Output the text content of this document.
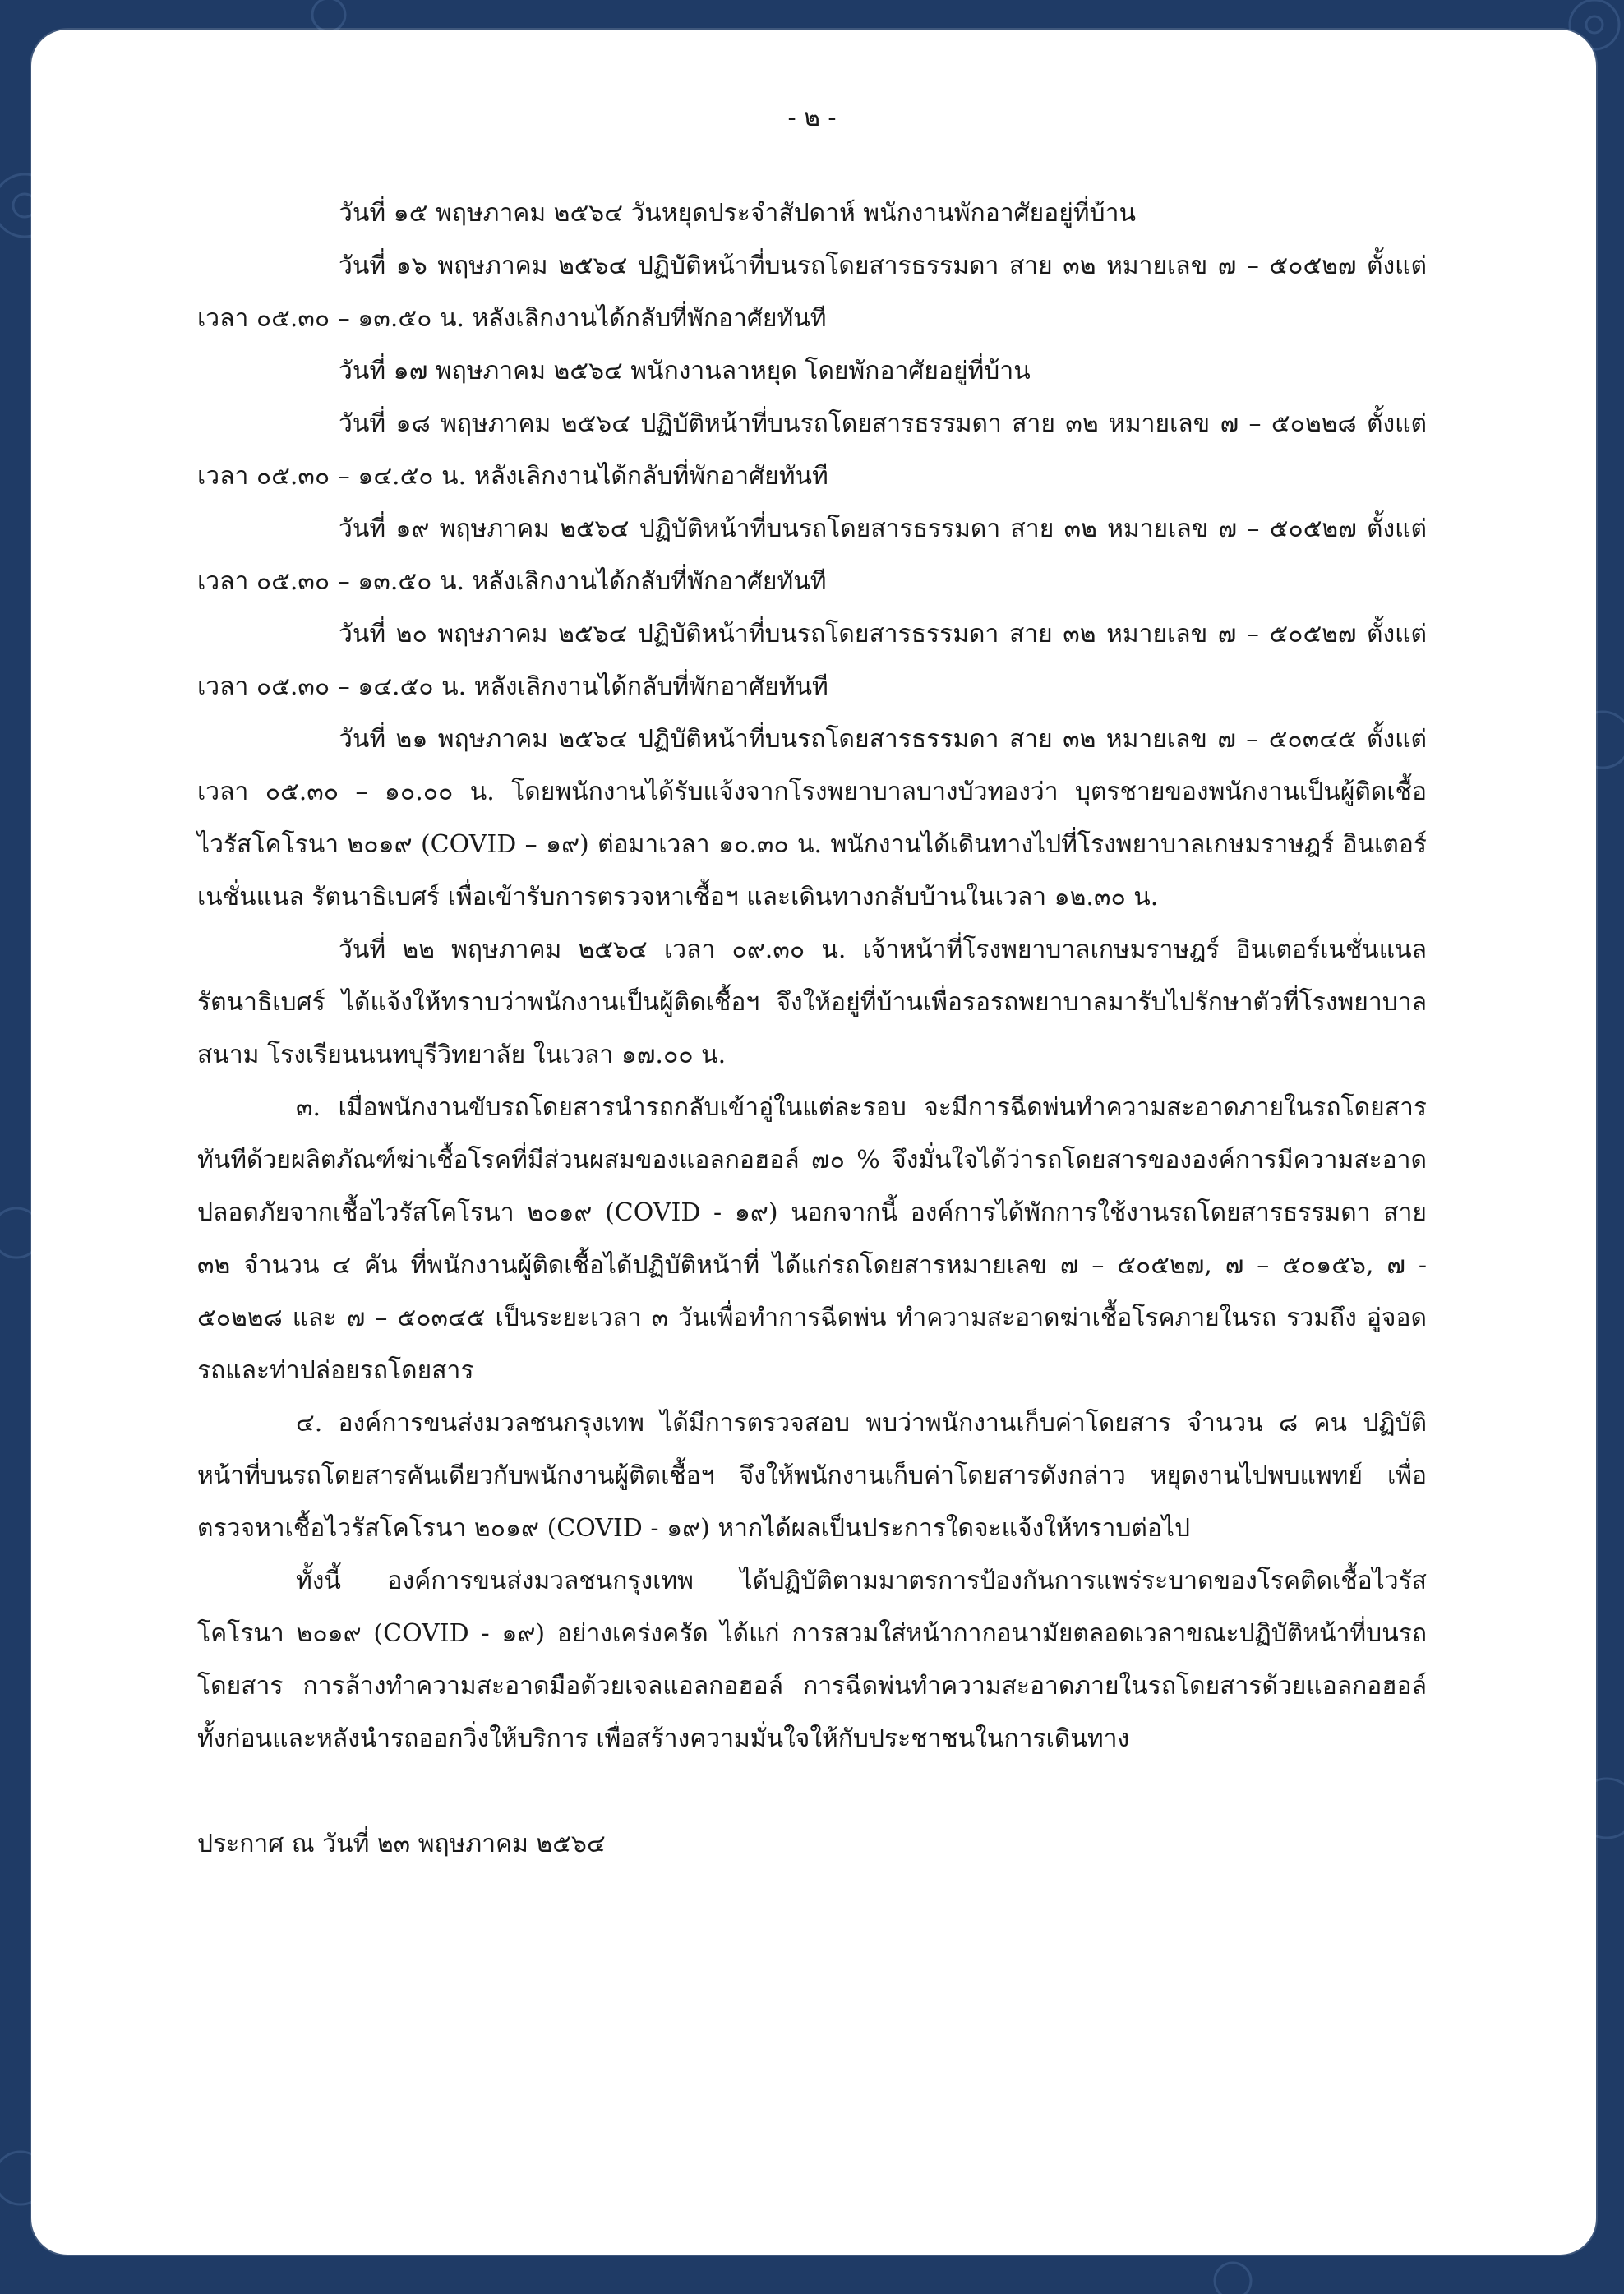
- ๒ -

วันที่ ๑๕ พฤษภาคม ๒๕๖๔ วันหยุดประจำสัปดาห์ พนักงานพักอาศัยอยู่ที่บ้าน

วันที่ ๑๖ พฤษภาคม ๒๕๖๔ ปฏิบัติหน้าที่บนรถโดยสารธรรมดา สาย ๓๒ หมายเลข ๗ – ๕๐๕๒๗ ตั้งแต่เวลา ๐๕.๓๐ – ๑๓.๕๐ น. หลังเลิกงานได้กลับที่พักอาศัยทันที

วันที่ ๑๗ พฤษภาคม ๒๕๖๔ พนักงานลาหยุด โดยพักอาศัยอยู่ที่บ้าน

วันที่ ๑๘ พฤษภาคม ๒๕๖๔ ปฏิบัติหน้าที่บนรถโดยสารธรรมดา สาย ๓๒ หมายเลข ๗ – ๕๐๒๒๘ ตั้งแต่เวลา ๐๕.๓๐ – ๑๔.๕๐ น. หลังเลิกงานได้กลับที่พักอาศัยทันที

วันที่ ๑๙ พฤษภาคม ๒๕๖๔ ปฏิบัติหน้าที่บนรถโดยสารธรรมดา สาย ๓๒ หมายเลข ๗ – ๕๐๕๒๗ ตั้งแต่เวลา ๐๕.๓๐ – ๑๓.๕๐ น. หลังเลิกงานได้กลับที่พักอาศัยทันที

วันที่ ๒๐ พฤษภาคม ๒๕๖๔ ปฏิบัติหน้าที่บนรถโดยสารธรรมดา สาย ๓๒ หมายเลข ๗ – ๕๐๕๒๗ ตั้งแต่เวลา ๐๕.๓๐ – ๑๔.๕๐ น. หลังเลิกงานได้กลับที่พักอาศัยทันที

วันที่ ๒๑ พฤษภาคม ๒๕๖๔ ปฏิบัติหน้าที่บนรถโดยสารธรรมดา สาย ๓๒ หมายเลข ๗ – ๕๐๓๔๕ ตั้งแต่เวลา ๐๕.๓๐ – ๑๐.๐๐ น. โดยพนักงานได้รับแจ้งจากโรงพยาบาลบางบัวทองว่า บุตรชายของพนักงานเป็นผู้ติดเชื้อไวรัสโคโรนา ๒๐๑๙ (COVID – ๑๙) ต่อมาเวลา ๑๐.๓๐ น. พนักงานได้เดินทางไปที่โรงพยาบาลเกษมราษฎร์ อินเตอร์เนชั่นแนล รัตนาธิเบศร์ เพื่อเข้ารับการตรวจหาเชื้อฯ และเดินทางกลับบ้านในเวลา ๑๒.๓๐ น.

วันที่ ๒๒ พฤษภาคม ๒๕๖๔ เวลา ๐๙.๓๐ น. เจ้าหน้าที่โรงพยาบาลเกษมราษฎร์ อินเตอร์เนชั่นแนล รัตนาธิเบศร์ ได้แจ้งให้ทราบว่าพนักงานเป็นผู้ติดเชื้อฯ จึงให้อยู่ที่บ้านเพื่อรอรถพยาบาลมารับไปรักษาตัวที่โรงพยาบาลสนาม โรงเรียนนนทบุรีวิทยาลัย ในเวลา ๑๗.๐๐ น.

๓. เมื่อพนักงานขับรถโดยสารนำรถกลับเข้าอู่ในแต่ละรอบ จะมีการฉีดพ่นทำความสะอาดภายในรถโดยสารทันทีด้วยผลิตภัณฑ์ฆ่าเชื้อโรคที่มีส่วนผสมของแอลกอฮอล์ ๗๐ % จึงมั่นใจได้ว่ารถโดยสารขององค์การมีความสะอาด ปลอดภัยจากเชื้อไวรัสโคโรนา ๒๐๑๙ (COVID - ๑๙) นอกจากนี้ องค์การได้พักการใช้งานรถโดยสารธรรมดา สาย ๓๒ จำนวน ๔ คัน ที่พนักงานผู้ติดเชื้อได้ปฏิบัติหน้าที่ ได้แก่รถโดยสารหมายเลข ๗ – ๕๐๕๒๗, ๗ – ๕๐๑๕๖, ๗ - ๕๐๒๒๘ และ ๗ – ๕๐๓๔๕ เป็นระยะเวลา ๓ วันเพื่อทำการฉีดพ่น ทำความสะอาดฆ่าเชื้อโรคภายในรถ รวมถึง อู่จอดรถและท่าปล่อยรถโดยสาร

๔. องค์การขนส่งมวลชนกรุงเทพ ได้มีการตรวจสอบ พบว่าพนักงานเก็บค่าโดยสาร จำนวน ๘ คน ปฏิบัติหน้าที่บนรถโดยสารคันเดียวกับพนักงานผู้ติดเชื้อฯ จึงให้พนักงานเก็บค่าโดยสารดังกล่าว หยุดงานไปพบแพทย์ เพื่อตรวจหาเชื้อไวรัสโคโรนา ๒๐๑๙ (COVID - ๑๙) หากได้ผลเป็นประการใดจะแจ้งให้ทราบต่อไป

ทั้งนี้ องค์การขนส่งมวลชนกรุงเทพ ได้ปฏิบัติตามมาตรการป้องกันการแพร่ระบาดของโรคติดเชื้อไวรัสโคโรนา ๒๐๑๙ (COVID - ๑๙) อย่างเคร่งครัด ได้แก่ การสวมใส่หน้ากากอนามัยตลอดเวลาขณะปฏิบัติหน้าที่บนรถโดยสาร การล้างทำความสะอาดมือด้วยเจลแอลกอฮอล์ การฉีดพ่นทำความสะอาดภายในรถโดยสารด้วยแอลกอฮอล์ ทั้งก่อนและหลังนำรถออกวิ่งให้บริการ เพื่อสร้างความมั่นใจให้กับประชาชนในการเดินทาง

ประกาศ ณ วันที่ ๒๓ พฤษภาคม ๒๕๖๔
